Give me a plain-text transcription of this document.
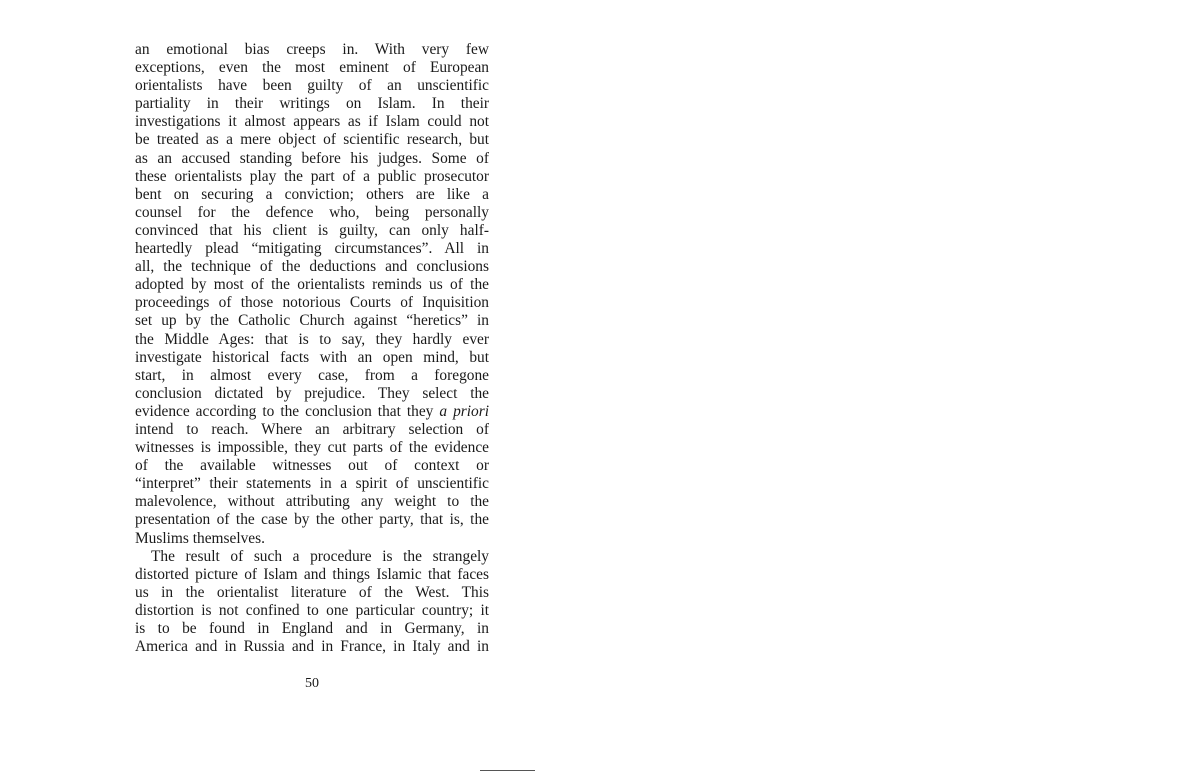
an emotional bias creeps in. With very few
exceptions, even the most eminent of European
orientalists have been guilty of an unscientific
partiality in their writings on Islam. In their
investigations it almost appears as if Islam could not
be treated as a mere object of scientific research, but
as an accused standing before his judges. Some of
these orientalists play the part of a public prosecutor
bent on securing a conviction; others are like a
counsel for the defence who, being personally
convinced that his client is guilty, can only half-
heartedly plead “mitigating circumstances”. All in
all, the technique of the deductions and conclusions
adopted by most of the orientalists reminds us of the
proceedings of those notorious Courts of Inquisition
set up by the Catholic Church against “heretics” in
the Middle Ages: that is to say, they hardly ever
investigate historical facts with an open mind, but
start, in almost every case, from a foregone
conclusion dictated by prejudice. They select the
evidence according to the conclusion that they a priori
intend to reach. Where an arbitrary selection of
witnesses is impossible, they cut parts of the evidence
of the available witnesses out of context or
“interpret” their statements in a spirit of unscientific
malevolence, without attributing any weight to the
presentation of the case by the other party, that is, the
Muslims themselves.
The result of such a procedure is the strangely
distorted picture of Islam and things Islamic that faces
us in the orientalist literature of the West. This
distortion is not confined to one particular country; it
is to be found in England and in Germany, in
America and in Russia and in France, in Italy and in
50
